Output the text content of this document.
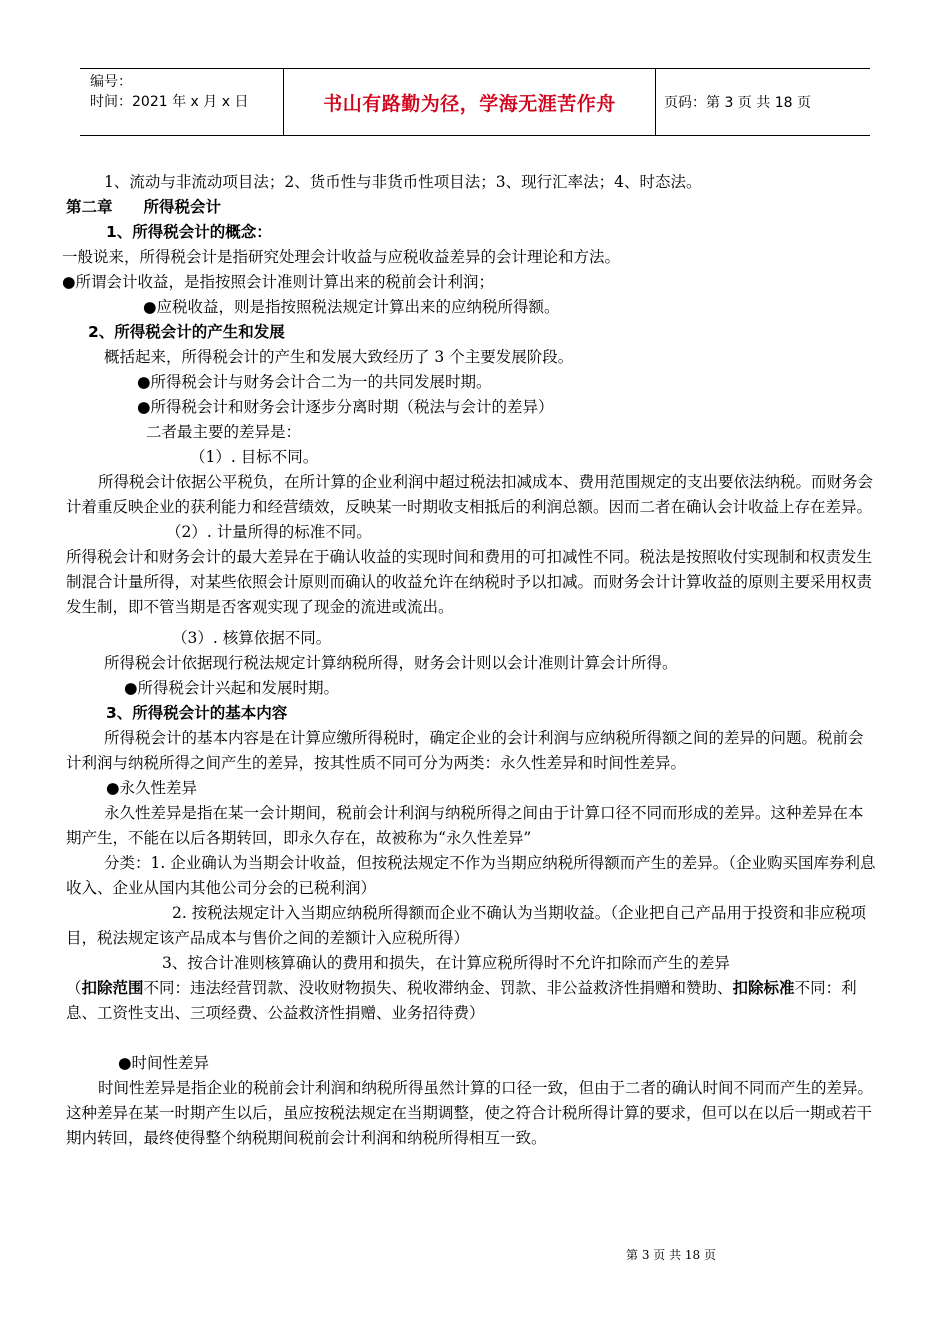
编号：
时间：2021 年 x 月 x 日	书山有路勤为径，学海无涯苦作舟	页码：第 3 页 共 18 页

1、流动与非流动项目法；2、货币性与非货币性项目法；3、现行汇率法；4、时态法。

第二章　　所得税会计

1、所得税会计的概念：

一般说来，所得税会计是指研究处理会计收益与应税收益差异的会计理论和方法。

● 所谓会计收益，是指按照会计准则计算出来的税前会计利润；

● 应税收益，则是指按照税法规定计算出来的应纳税所得额。

2、所得税会计的产生和发展

概括起来，所得税会计的产生和发展大致经历了 3 个主要发展阶段。

● 所得税会计与财务会计合二为一的共同发展时期。

● 所得税会计和财务会计逐步分离时期（税法与会计的差异）

二者最主要的差异是：

（1）. 目标不同。

所得税会计依据公平税负，在所计算的企业利润中超过税法扣减成本、费用范围规定的支出要依法纳税。而财务会计着重反映企业的获利能力和经营绩效，反映某一时期收支相抵后的利润总额。因而二者在确认会计收益上存在差异。

（2）. 计量所得的标准不同。

所得税会计和财务会计的最大差异在于确认收益的实现时间和费用的可扣减性不同。税法是按照收付实现制和权责发生制混合计量所得，对某些依照会计原则而确认的收益允许在纳税时予以扣减。而财务会计计算收益的原则主要采用权责发生制，即不管当期是否客观实现了现金的流进或流出。

（3）. 核算依据不同。

所得税会计依据现行税法规定计算纳税所得，财务会计则以会计准则计算会计所得。

● 所得税会计兴起和发展时期。

3、所得税会计的基本内容

所得税会计的基本内容是在计算应缴所得税时，确定企业的会计利润与应纳税所得额之间的差异的问题。税前会计利润与纳税所得之间产生的差异，按其性质不同可分为两类：永久性差异和时间性差异。

● 永久性差异

永久性差异是指在某一会计期间，税前会计利润与纳税所得之间由于计算口径不同而形成的差异。这种差异在本期产生，不能在以后各期转回，即永久存在，故被称为“永久性差异”

分类：1. 企业确认为当期会计收益，但按税法规定不作为当期应纳税所得额而产生的差异。（企业购买国库券利息收入、企业从国内其他公司分会的已税利润）

2. 按税法规定计入当期应纳税所得额而企业不确认为当期收益。（企业把自己产品用于投资和非应税项目，税法规定该产品成本与售价之间的差额计入应税所得）

3、按合计准则核算确认的费用和损失，在计算应税所得时不允许扣除而产生的差异

（扣除范围不同：违法经营罚款、没收财物损失、税收滞纳金、罚款、非公益救济性捐赠和赞助、扣除标准不同：利息、工资性支出、三项经费、公益救济性捐赠、业务招待费）

● 时间性差异

时间性差异是指企业的税前会计利润和纳税所得虽然计算的口径一致，但由于二者的确认时间不同而产生的差异。这种差异在某一时期产生以后，虽应按税法规定在当期调整，使之符合计税所得计算的要求，但可以在以后一期或若干期内转回，最终使得整个纳税期间税前会计利润和纳税所得相互一致。

第 3 页 共 18 页
